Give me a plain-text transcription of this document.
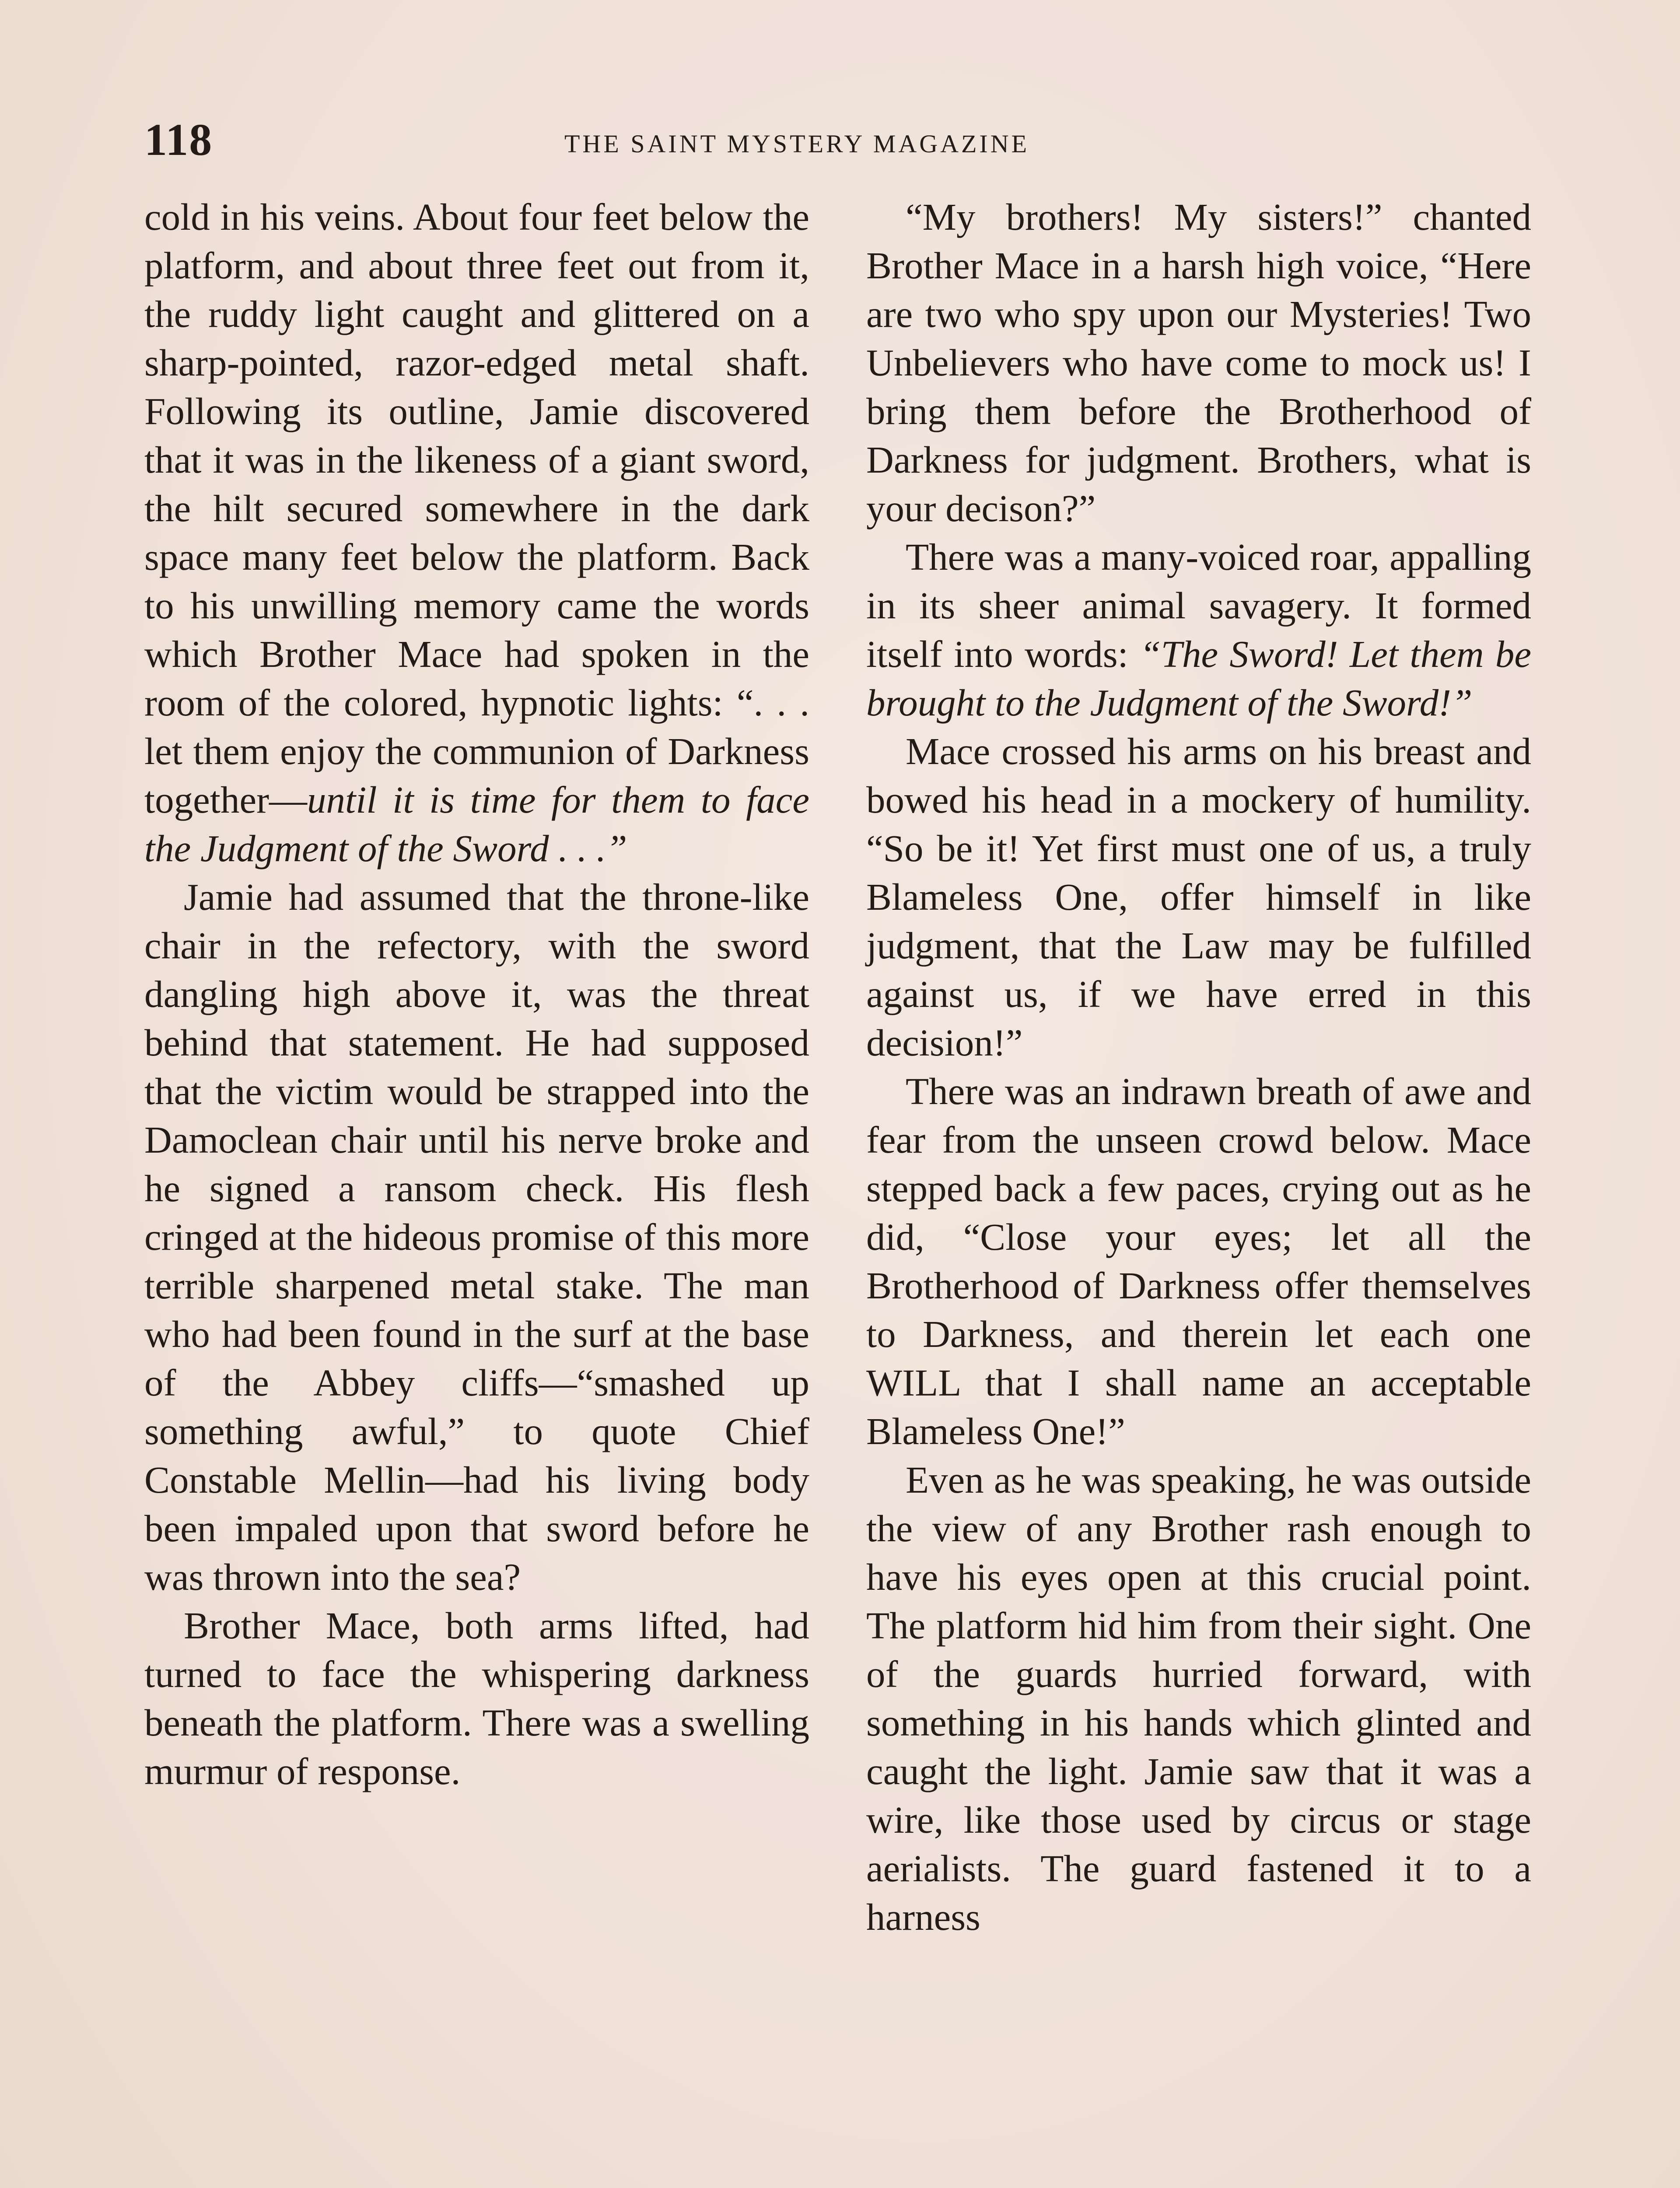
118	THE SAINT MYSTERY MAGAZINE

cold in his veins. About four feet below the platform, and about three feet out from it, the ruddy light caught and glittered on a sharp-pointed, razor-edged metal shaft. Following its outline, Jamie discovered that it was in the likeness of a giant sword, the hilt secured somewhere in the dark space many feet below the platform. Back to his unwilling memory came the words which Brother Mace had spoken in the room of the colored, hypnotic lights: “. . . let them enjoy the communion of Darkness together—until it is time for them to face the Judgment of the Sword . . .”

Jamie had assumed that the throne-like chair in the refectory, with the sword dangling high above it, was the threat behind that statement. He had supposed that the victim would be strapped into the Damoclean chair until his nerve broke and he signed a ransom check. His flesh cringed at the hideous promise of this more terrible sharpened metal stake. The man who had been found in the surf at the base of the Abbey cliffs—“smashed up something awful,” to quote Chief Constable Mellin—had his living body been impaled upon that sword before he was thrown into the sea?

Brother Mace, both arms lifted, had turned to face the whispering darkness beneath the platform. There was a swelling murmur of response.

“My brothers! My sisters!” chanted Brother Mace in a harsh high voice, “Here are two who spy upon our Mysteries! Two Unbelievers who have come to mock us! I bring them before the Brotherhood of Darkness for judgment. Brothers, what is your decison?”

There was a many-voiced roar, appalling in its sheer animal savagery. It formed itself into words: “The Sword! Let them be brought to the Judgment of the Sword!”

Mace crossed his arms on his breast and bowed his head in a mockery of humility. “So be it! Yet first must one of us, a truly Blameless One, offer himself in like judgment, that the Law may be fulfilled against us, if we have erred in this decision!”

There was an indrawn breath of awe and fear from the unseen crowd below. Mace stepped back a few paces, crying out as he did, “Close your eyes; let all the Brotherhood of Darkness offer themselves to Darkness, and therein let each one WILL that I shall name an acceptable Blameless One!”

Even as he was speaking, he was outside the view of any Brother rash enough to have his eyes open at this crucial point. The platform hid him from their sight. One of the guards hurried forward, with something in his hands which glinted and caught the light. Jamie saw that it was a wire, like those used by circus or stage aerialists. The guard fastened it to a harness
